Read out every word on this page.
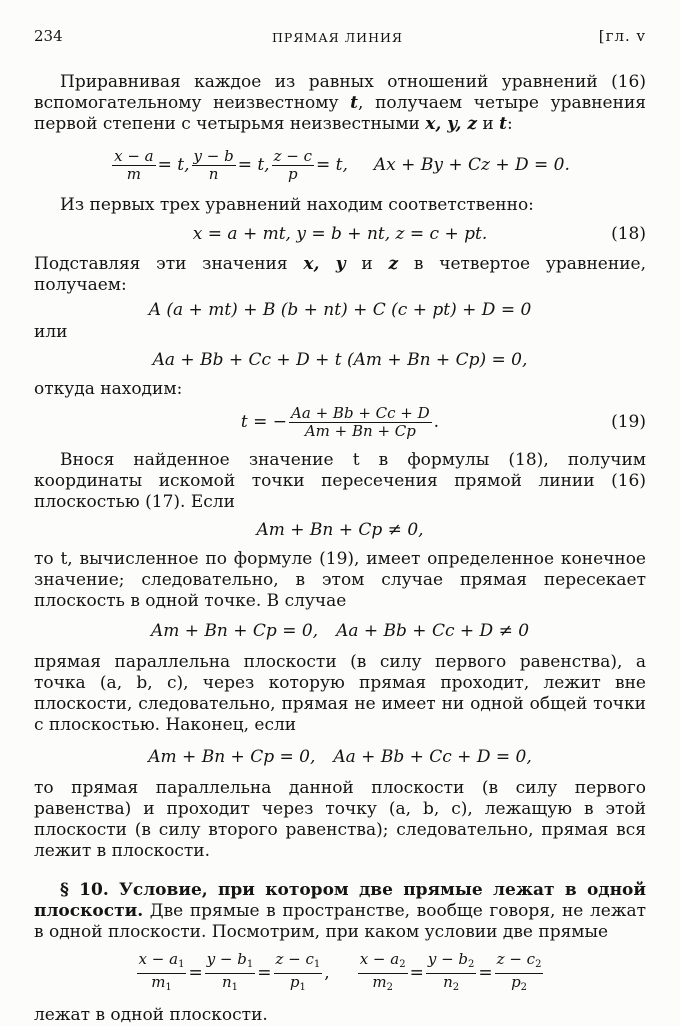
234	ПРЯМАЯ ЛИНИЯ	[гл. v

Приравнивая каждое из равных отношений уравнений (16) вспомогательному неизвестному t, получаем четыре уравнения первой степени с четырьмя неизвестными x, y, z и t:

$\frac{x - a}{m} = t$, $\frac{y - b}{n} = t$, $\frac{z - c}{p} = t$, Ax + By + Cz + D = 0.

Из первых трех уравнений находим соответственно:

x = a + mt, y = b + nt, z = c + pt.	(18)

Подставляя эти значения x, y и z в четвертое уравнение, получаем:

A (a + mt) + B (b + nt) + C (c + pt) + D = 0

или

Aa + Bb + Cc + D + t (Am + Bn + Cp) = 0,

откуда находим:

t = − $\frac{Aa + Bb + Cc + D}{Am + Bn + Cp}$ .	(19)

Внося найденное значение t в формулы (18), получим координаты искомой точки пересечения прямой линии (16) плоскостью (17). Если

Am + Bn + Cp ≠ 0,

то t, вычисленное по формуле (19), имеет определенное конечное значение; следовательно, в этом случае прямая пересекает плоскость в одной точке. В случае

Am + Bn + Cp = 0, Aa + Bb + Cc + D ≠ 0

прямая параллельна плоскости (в силу первого равенства), а точка (a, b, c), через которую прямая проходит, лежит вне плоскости, следовательно, прямая не имеет ни одной общей точки с плоскостью. Наконец, если

Am + Bn + Cp = 0, Aa + Bb + Cc + D = 0,

то прямая параллельна данной плоскости (в силу первого равенства) и проходит через точку (a, b, c), лежащую в этой плоскости (в силу второго равенства); следовательно, прямая вся лежит в плоскости.

§ 10. Условие, при котором две прямые лежат в одной плоскости. Две прямые в пространстве, вообще говоря, не лежат в одной плоскости. Посмотрим, при каком условии две прямые

$\frac{x - a_1}{m_1} = \frac{y - b_1}{n_1} = \frac{z - c_1}{p_1}$ , $\frac{x - a_2}{m_2} = \frac{y - b_2}{n_2} = \frac{z - c_2}{p_2}$

лежат в одной плоскости.
